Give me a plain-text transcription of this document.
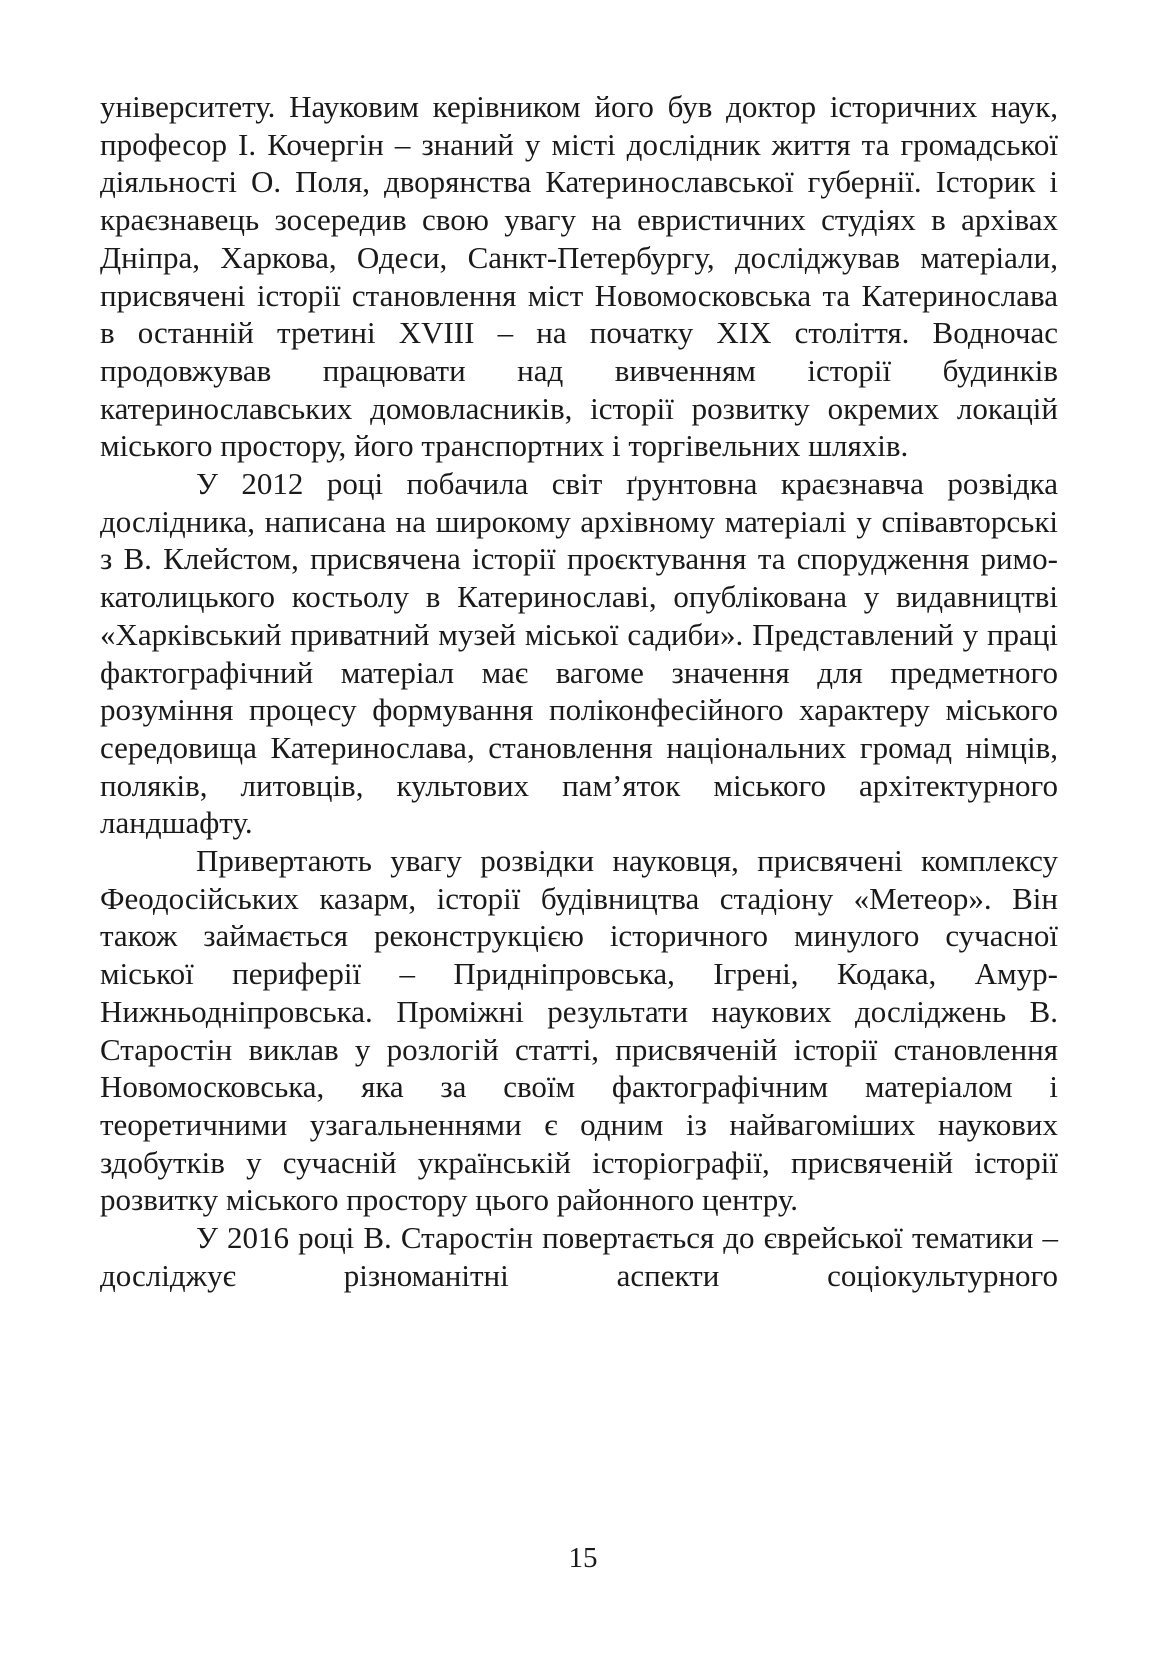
університету. Науковим керівником його був доктор історичних наук, професор І. Кочергін – знаний у місті дослідник життя та громадської діяльності О. Поля, дворянства Катеринославської губернії. Історик і краєзнавець зосередив свою увагу на евристичних студіях в архівах Дніпра, Харкова, Одеси, Санкт-Петербургу, досліджував матеріали, присвячені історії становлення міст Новомосковська та Катеринослава в останній третині XVIII – на початку XIX століття. Водночас продовжував працювати над вивченням історії будинків катеринославських домовласників, історії розвитку окремих локацій міського простору, його транспортних і торгівельних шляхів.

У 2012 році побачила світ ґрунтовна краєзнавча розвідка дослідника, написана на широкому архівному матеріалі у співавторські з В. Клейстом, присвячена історії проєктування та спорудження римо-католицького костьолу в Катеринославі, опублікована у видавництві «Харківський приватний музей міської садиби». Представлений у праці фактографічний матеріал має вагоме значення для предметного розуміння процесу формування поліконфесійного характеру міського середовища Катеринослава, становлення національних громад німців, поляків, литовців, культових пам’яток міського архітектурного ландшафту.

Привертають увагу розвідки науковця, присвячені комплексу Феодосійських казарм, історії будівництва стадіону «Метеор». Він також займається реконструкцією історичного минулого сучасної міської периферії – Придніпровська, Ігрені, Кодака, Амур-Нижньодніпровська. Проміжні результати наукових досліджень В. Старостін виклав у розлогій статті, присвяченій історії становлення Новомосковська, яка за своїм фактографічним матеріалом і теоретичними узагальненнями є одним із найвагоміших наукових здобутків у сучасній українській історіографії, присвяченій історії розвитку міського простору цього районного центру.

У 2016 році В. Старостін повертається до єврейської тематики – досліджує різноманітні аспекти соціокультурного

15
